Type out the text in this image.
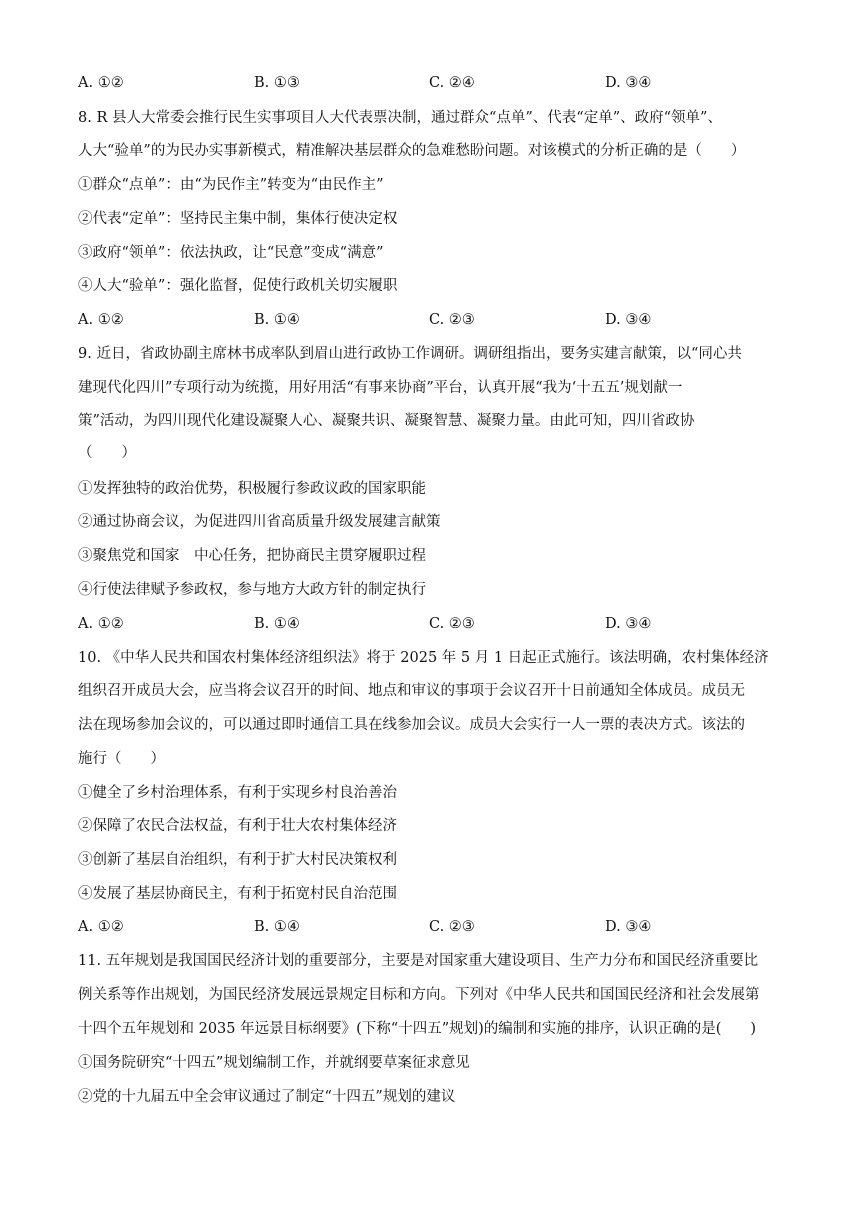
A. ①②	B. ①③	C. ②④	D. ③④
8. R 县人大常委会推行民生实事项目人大代表票决制，通过群众“点单”、代表“定单”、政府“领单”、
人大“验单”的为民办实事新模式，精准解决基层群众的急难愁盼问题。对该模式的分析正确的是（　　）
①群众“点单”：由“为民作主”转变为“由民作主”
②代表“定单”：坚持民主集中制，集体行使决定权
③政府“领单”：依法执政，让“民意”变成“满意”
④人大“验单”：强化监督，促使行政机关切实履职
A. ①②	B. ①④	C. ②③	D. ③④
9. 近日，省政协副主席林书成率队到眉山进行政协工作调研。调研组指出，要务实建言献策，以“同心共
建现代化四川”专项行动为统揽，用好用活“有事来协商”平台，认真开展“我为‘十五五’规划献一
策”活动，为四川现代化建设凝聚人心、凝聚共识、凝聚智慧、凝聚力量。由此可知，四川省政协
（　　）
①发挥独特的政治优势，积极履行参政议政的国家职能
②通过协商会议，为促进四川省高质量升级发展建言献策
③聚焦党和国家　中心任务，把协商民主贯穿履职过程
④行使法律赋予参政权，参与地方大政方针的制定执行
A. ①②	B. ①④	C. ②③	D. ③④
10. 《中华人民共和国农村集体经济组织法》将于 2025 年 5 月 1 日起正式施行。该法明确，农村集体经济
组织召开成员大会，应当将会议召开的时间、地点和审议的事项于会议召开十日前通知全体成员。成员无
法在现场参加会议的，可以通过即时通信工具在线参加会议。成员大会实行一人一票的表决方式。该法的
施行（　　）
①健全了乡村治理体系，有利于实现乡村良治善治
②保障了农民合法权益，有利于壮大农村集体经济
③创新了基层自治组织，有利于扩大村民决策权利
④发展了基层协商民主，有利于拓宽村民自治范围
A. ①②	B. ①④	C. ②③	D. ③④
11. 五年规划是我国国民经济计划的重要部分，主要是对国家重大建设项目、生产力分布和国民经济重要比
例关系等作出规划，为国民经济发展远景规定目标和方向。下列对《中华人民共和国国民经济和社会发展第
十四个五年规划和 2035 年远景目标纲要》(下称“十四五”规划)的编制和实施的排序，认识正确的是(　　)
①国务院研究“十四五”规划编制工作，并就纲要草案征求意见
②党的十九届五中全会审议通过了制定“十四五”规划的建议
